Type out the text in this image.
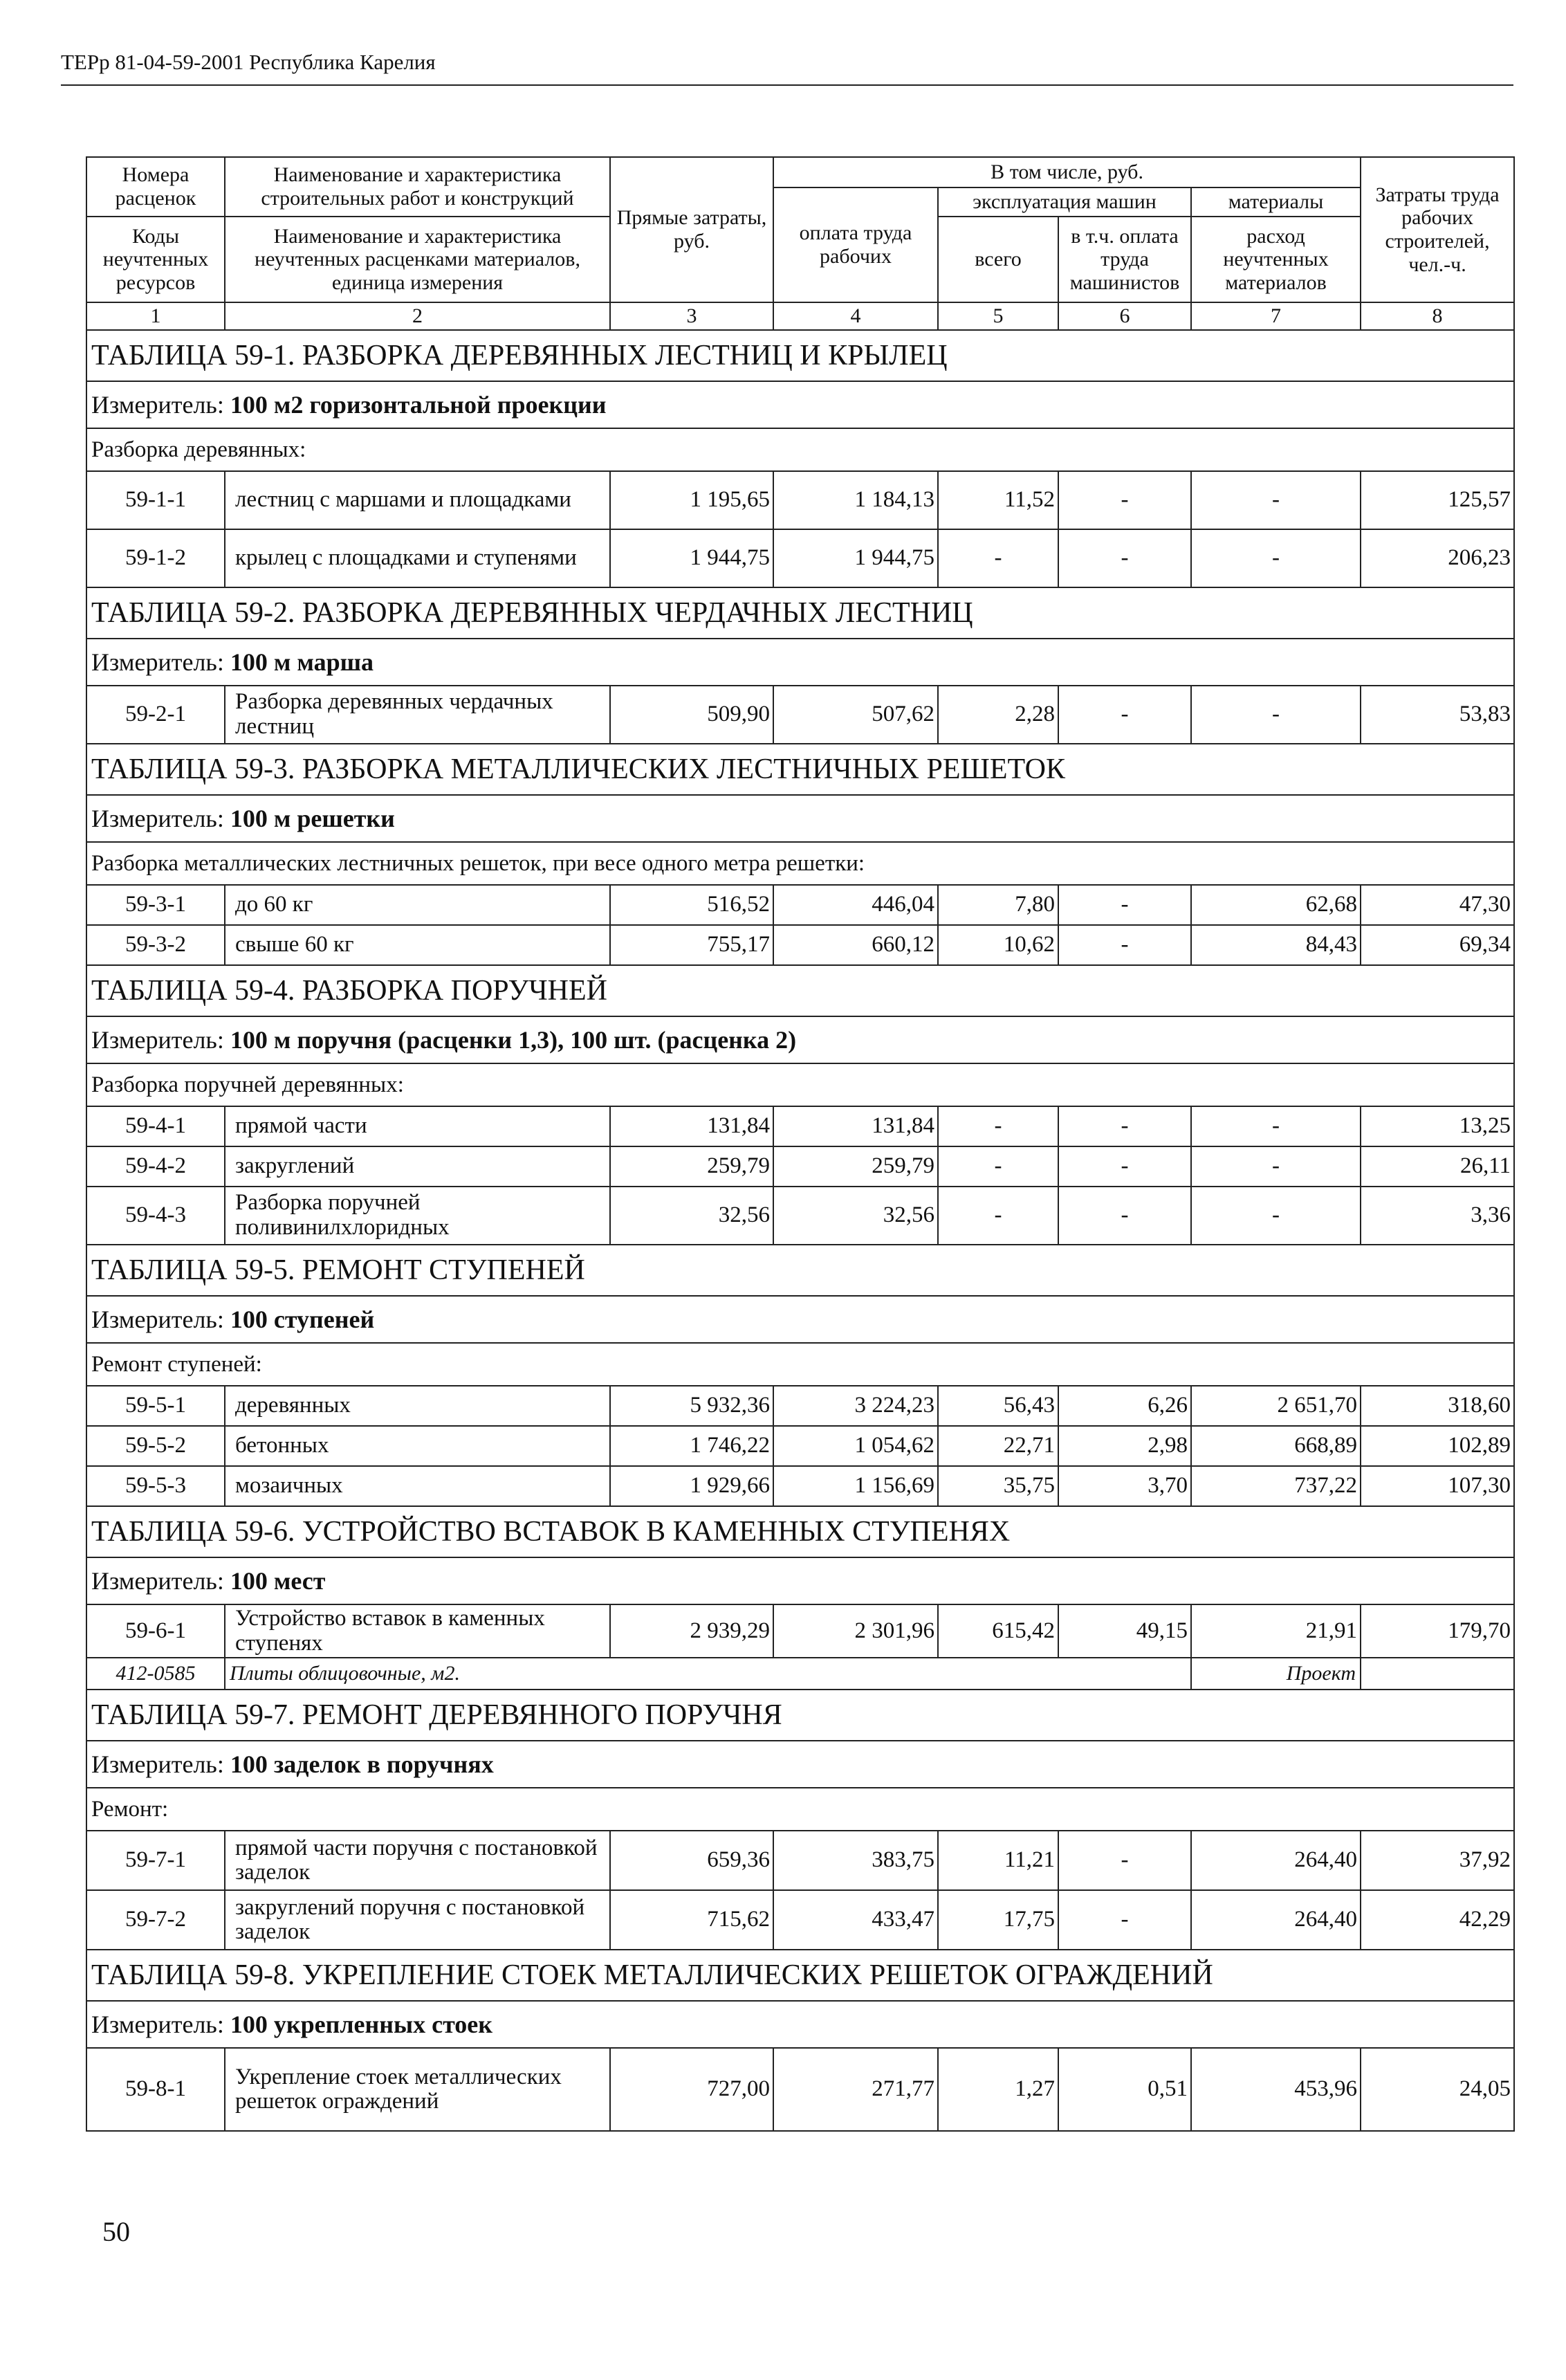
ТЕРр 81-04-59-2001 Республика Карелия
Номера расценок	Наименование и характеристика строительных работ и конструкций	Прямые затраты, руб.	В том числе, руб.				Затраты труда рабочих строителей, чел.-ч.
			оплата труда рабочих	эксплуатация машин		материалы	
Коды неучтенных ресурсов	Наименование и характеристика неучтенных расценками материалов, единица измерения			всего	в т.ч. оплата труда машинистов	расход неучтенных материалов	

1	2	3	4	5	6	7	8
ТАБЛИЦА 59-1. РАЗБОРКА ДЕРЕВЯННЫХ ЛЕСТНИЦ И КРЫЛЕЦ							
Измеритель: 100 м2 горизонтальной проекции							
Разборка деревянных:							
59-1-1	лестниц с маршами и площадками	1 195,65	1 184,13	11,52	-	-	125,57
59-1-2	крылец с площадками и ступенями	1 944,75	1 944,75	-	-	-	206,23
ТАБЛИЦА 59-2. РАЗБОРКА ДЕРЕВЯННЫХ ЧЕРДАЧНЫХ ЛЕСТНИЦ							
Измеритель: 100 м марша							
59-2-1	Разборка деревянных чердачных лестниц	509,90	507,62	2,28	-	-	53,83
ТАБЛИЦА 59-3. РАЗБОРКА МЕТАЛЛИЧЕСКИХ ЛЕСТНИЧНЫХ РЕШЕТОК							
Измеритель: 100 м решетки							
Разборка металлических лестничных решеток, при весе одного метра решетки:							
59-3-1	до 60 кг	516,52	446,04	7,80	-	62,68	47,30
59-3-2	свыше 60 кг	755,17	660,12	10,62	-	84,43	69,34
ТАБЛИЦА 59-4. РАЗБОРКА ПОРУЧНЕЙ							
Измеритель: 100 м поручня (расценки 1,3), 100 шт. (расценка 2)							
Разборка поручней деревянных:							
59-4-1	прямой части	131,84	131,84	-	-	-	13,25
59-4-2	закруглений	259,79	259,79	-	-	-	26,11
59-4-3	Разборка поручней поливинилхлоридных	32,56	32,56	-	-	-	3,36
ТАБЛИЦА 59-5. РЕМОНТ СТУПЕНЕЙ							
Измеритель: 100 ступеней							
Ремонт ступеней:							
59-5-1	деревянных	5 932,36	3 224,23	56,43	6,26	2 651,70	318,60
59-5-2	бетонных	1 746,22	1 054,62	22,71	2,98	668,89	102,89
59-5-3	мозаичных	1 929,66	1 156,69	35,75	3,70	737,22	107,30
ТАБЛИЦА 59-6. УСТРОЙСТВО ВСТАВОК В КАМЕННЫХ СТУПЕНЯХ							
Измеритель: 100 мест							
59-6-1	Устройство вставок в каменных ступенях	2 939,29	2 301,96	615,42	49,15	21,91	179,70
412-0585	Плиты облицовочные, м2.					Проект	
ТАБЛИЦА 59-7. РЕМОНТ ДЕРЕВЯННОГО ПОРУЧНЯ							
Измеритель: 100 заделок в поручнях							
Ремонт:							
59-7-1	прямой части поручня с постановкой заделок	659,36	383,75	11,21	-	264,40	37,92
59-7-2	закруглений поручня с постановкой заделок	715,62	433,47	17,75	-	264,40	42,29
ТАБЛИЦА 59-8. УКРЕПЛЕНИЕ СТОЕК МЕТАЛЛИЧЕСКИХ РЕШЕТОК ОГРАЖДЕНИЙ							
Измеритель: 100 укрепленных стоек							
59-8-1	Укрепление стоек металлических решеток ограждений	727,00	271,77	1,27	0,51	453,96	24,05
50
